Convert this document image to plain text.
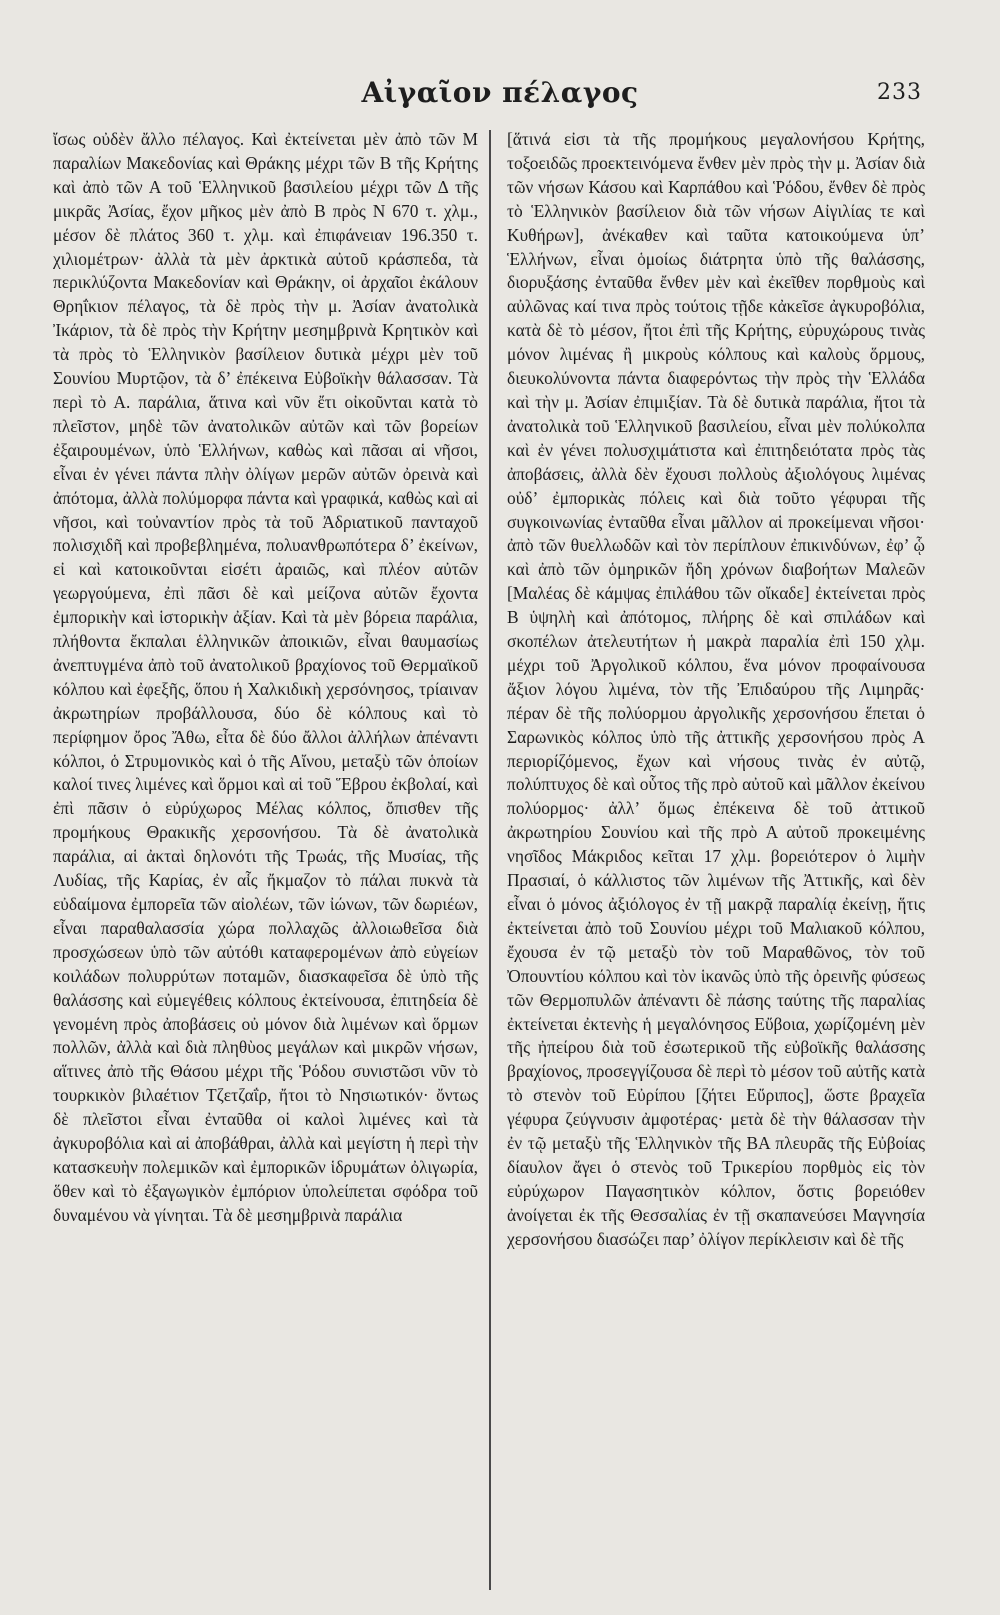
Αἰγαῖον πέλαγος	233

ἴσως οὐδὲν ἄλλο πέλαγος. Καὶ ἐκτείνεται μὲν ἀπὸ τῶν Μ παραλίων Μακεδονίας καὶ Θράκης μέχρι τῶν Β τῆς Κρήτης καὶ ἀπὸ τῶν Α τοῦ Ἑλληνικοῦ βασιλείου μέχρι τῶν Δ τῆς μικρᾶς Ἀσίας, ἔχον μῆκος μὲν ἀπὸ Β πρὸς Ν 670 τ. χλμ., μέσον δὲ πλάτος 360 τ. χλμ. καὶ ἐπιφάνειαν 196.350 τ. χιλιομέτρων· ἀλλὰ τὰ μὲν ἀρκτικὰ αὐτοῦ κράσπεδα, τὰ περικλύζοντα Μακεδονίαν καὶ Θράκην, οἱ ἀρχαῖοι ἐκάλουν Θρηΐκιον πέλαγος, τὰ δὲ πρὸς τὴν μ. Ἀσίαν ἀνατολικὰ Ἰκάριον, τὰ δὲ πρὸς τὴν Κρήτην μεσημβρινὰ Κρητικὸν καὶ τὰ πρὸς τὸ Ἑλληνικὸν βασίλειον δυτικὰ μέχρι μὲν τοῦ Σουνίου Μυρτῷον, τὰ δ’ ἐπέκεινα Εὐβοϊκὴν θάλασσαν. Τὰ περὶ τὸ Α. παράλια, ἅτινα καὶ νῦν ἔτι οἰκοῦνται κατὰ τὸ πλεῖστον, μηδὲ τῶν ἀνατολικῶν αὐτῶν καὶ τῶν βορείων ἐξαιρουμένων, ὑπὸ Ἑλλήνων, καθὼς καὶ πᾶσαι αἱ νῆσοι, εἶναι ἐν γένει πάντα πλὴν ὀλίγων μερῶν αὐτῶν ὀρεινὰ καὶ ἀπότομα, ἀλλὰ πολύμορφα πάντα καὶ γραφικά, καθὼς καὶ αἱ νῆσοι, καὶ τοὐναντίον πρὸς τὰ τοῦ Ἀδριατικοῦ πανταχοῦ πολισχιδῆ καὶ προβεβλημένα, πολυανθρωπότερα δ’ ἐκείνων, εἰ καὶ κατοικοῦνται εἰσέτι ἀραιῶς, καὶ πλέον αὐτῶν γεωργούμενα, ἐπὶ πᾶσι δὲ καὶ μείζονα αὐτῶν ἔχοντα ἐμπορικὴν καὶ ἱστορικὴν ἀξίαν. Καὶ τὰ μὲν βόρεια παράλια, πλήθοντα ἔκπαλαι ἑλληνικῶν ἀποικιῶν, εἶναι θαυμασίως ἀνεπτυγμένα ἀπὸ τοῦ ἀνατολικοῦ βραχίονος τοῦ Θερμαϊκοῦ κόλπου καὶ ἐφεξῆς, ὅπου ἡ Χαλκιδικὴ χερσόνησος, τρίαιναν ἀκρωτηρίων προβάλλουσα, δύο δὲ κόλπους καὶ τὸ περίφημον ὄρος Ἄθω, εἶτα δὲ δύο ἄλλοι ἀλλήλων ἀπέναντι κόλποι, ὁ Στρυμονικὸς καὶ ὁ τῆς Αἴνου, μεταξὺ τῶν ὁποίων καλοί τινες λιμένες καὶ ὅρμοι καὶ αἱ τοῦ Ἕβρου ἐκβολαί, καὶ ἐπὶ πᾶσιν ὁ εὐρύχωρος Μέλας κόλπος, ὄπισθεν τῆς προμήκους Θρακικῆς χερσονήσου. Τὰ δὲ ἀνατολικὰ παράλια, αἱ ἀκταὶ δηλονότι τῆς Τρωάς, τῆς Μυσίας, τῆς Λυδίας, τῆς Καρίας, ἐν αἷς ἤκμαζον τὸ πάλαι πυκνὰ τὰ εὐδαίμονα ἐμπορεῖα τῶν αἰολέων, τῶν ἰώνων, τῶν δωριέων, εἶναι παραθαλασσία χώρα πολλαχῶς ἀλλοιωθεῖσα διὰ προσχώσεων ὑπὸ τῶν αὐτόθι καταφερομένων ἀπὸ εὐγείων κοιλάδων πολυρρύτων ποταμῶν, διασκαφεῖσα δὲ ὑπὸ τῆς θαλάσσης καὶ εὐμεγέθεις κόλπους ἐκτείνουσα, ἐπιτηδεία δὲ γενομένη πρὸς ἀποβάσεις οὐ μόνον διὰ λιμένων καὶ ὅρμων πολλῶν, ἀλλὰ καὶ διὰ πληθὺος μεγάλων καὶ μικρῶν νήσων, αἵτινες ἀπὸ τῆς Θάσου μέχρι τῆς Ῥόδου συνιστῶσι νῦν τὸ τουρκικὸν βιλαέτιον Τζετζαΐρ, ἤτοι τὸ Νησιωτικόν· ὄντως δὲ πλεῖστοι εἶναι ἐνταῦθα οἱ καλοὶ λιμένες καὶ τὰ ἀγκυροβόλια καὶ αἱ ἀποβάθραι, ἀλλὰ καὶ μεγίστη ἡ περὶ τὴν κατασκευὴν πολεμικῶν καὶ ἐμπορικῶν ἱδρυμάτων ὀλιγωρία, ὅθεν καὶ τὸ ἐξαγωγικὸν ἐμπόριον ὑπολείπεται σφόδρα τοῦ δυναμένου νὰ γίνηται. Τὰ δὲ μεσημβρινὰ παράλια

[ἅτινά εἰσι τὰ τῆς προμήκους μεγαλονήσου Κρήτης, τοξοειδῶς προεκτεινόμενα ἔνθεν μὲν πρὸς τὴν μ. Ἀσίαν διὰ τῶν νήσων Κάσου καὶ Καρπάθου καὶ Ῥόδου, ἔνθεν δὲ πρὸς τὸ Ἑλληνικὸν βασίλειον διὰ τῶν νήσων Αἰγιλίας τε καὶ Κυθήρων], ἀνέκαθεν καὶ ταῦτα κατοικούμενα ὑπ’ Ἑλλήνων, εἶναι ὁμοίως διάτρητα ὑπὸ τῆς θαλάσσης, διορυξάσης ἐνταῦθα ἔνθεν μὲν καὶ ἐκεῖθεν πορθμοὺς καὶ αὐλῶνας καί τινα πρὸς τούτοις τῇδε κἀκεῖσε ἀγκυροβόλια, κατὰ δὲ τὸ μέσον, ἤτοι ἐπὶ τῆς Κρήτης, εὐρυχώρους τινὰς μόνον λιμένας ἢ μικροὺς κόλπους καὶ καλοὺς ὅρμους, διευκολύνοντα πάντα διαφερόντως τὴν πρὸς τὴν Ἑλλάδα καὶ τὴν μ. Ἀσίαν ἐπιμιξίαν. Τὰ δὲ δυτικὰ παράλια, ἤτοι τὰ ἀνατολικὰ τοῦ Ἑλληνικοῦ βασιλείου, εἶναι μὲν πολύκολπα καὶ ἐν γένει πολυσχιμάτιστα καὶ ἐπιτηδειότατα πρὸς τὰς ἀποβάσεις, ἀλλὰ δὲν ἔχουσι πολλοὺς ἀξιολόγους λιμένας οὐδ’ ἐμπορικὰς πόλεις καὶ διὰ τοῦτο γέφυραι τῆς συγκοινωνίας ἐνταῦθα εἶναι μᾶλλον αἱ προκείμεναι νῆσοι· ἀπὸ τῶν θυελλωδῶν καὶ τὸν περίπλουν ἐπικινδύνων, ἐφ’ ᾧ καὶ ἀπὸ τῶν ὁμηρικῶν ἤδη χρόνων διαβοήτων Μαλεῶν [Μαλέας δὲ κάμψας ἐπιλάθου τῶν οἴκαδε] ἐκτείνεται πρὸς Β ὑψηλὴ καὶ ἀπότομος, πλήρης δὲ καὶ σπιλάδων καὶ σκοπέλων ἀτελευτήτων ἡ μακρὰ παραλία ἐπὶ 150 χλμ. μέχρι τοῦ Ἀργολικοῦ κόλπου, ἕνα μόνον προφαίνουσα ἄξιον λόγου λιμένα, τὸν τῆς Ἐπιδαύρου τῆς Λιμηρᾶς· πέραν δὲ τῆς πολύορμου ἀργολικῆς χερσονήσου ἕπεται ὁ Σαρωνικὸς κόλπος ὑπὸ τῆς ἀττικῆς χερσονήσου πρὸς Α περιορίζόμενος, ἔχων καὶ νήσους τινὰς ἐν αὐτῷ, πολύπτυχος δὲ καὶ οὗτος τῆς πρὸ αὐτοῦ καὶ μᾶλλον ἐκείνου πολύορμος· ἀλλ’ ὅμως ἐπέκεινα δὲ τοῦ ἀττικοῦ ἀκρωτηρίου Σουνίου καὶ τῆς πρὸ Α αὐτοῦ προκειμένης νησῖδος Μάκριδος κεῖται 17 χλμ. βορειότερον ὁ λιμὴν Πρασιαί, ὁ κάλλιστος τῶν λιμένων τῆς Ἀττικῆς, καὶ δὲν εἶναι ὁ μόνος ἀξιόλογος ἐν τῇ μακρᾷ παραλίᾳ ἐκείνῃ, ἥτις ἐκτείνεται ἀπὸ τοῦ Σουνίου μέχρι τοῦ Μαλιακοῦ κόλπου, ἔχουσα ἐν τῷ μεταξὺ τὸν τοῦ Μαραθῶνος, τὸν τοῦ Ὀπουντίου κόλπου καὶ τὸν ἱκανῶς ὑπὸ τῆς ὀρεινῆς φύσεως τῶν Θερμοπυλῶν ἀπέναντι δὲ πάσης ταύτης τῆς παραλίας ἐκτείνεται ἐκτενὴς ἡ μεγαλόνησος Εὔβοια, χωρίζομένη μὲν τῆς ἠπείρου διὰ τοῦ ἐσωτερικοῦ τῆς εὐβοϊκῆς θαλάσσης βραχίονος, προσεγγίζουσα δὲ περὶ τὸ μέσον τοῦ αὐτῆς κατὰ τὸ στενὸν τοῦ Εὐρίπου [ζήτει Εὔριπος], ὥστε βραχεῖα γέφυρα ζεύγνυσιν ἀμφοτέρας· μετὰ δὲ τὴν θάλασσαν τὴν ἐν τῷ μεταξὺ τῆς Ἑλληνικὸν τῆς ΒΑ πλευρᾶς τῆς Εὐβοίας δίαυλον ἄγει ὁ στενὸς τοῦ Τρικερίου πορθμὸς εἰς τὸν εὐρύχωρον Παγασητικὸν κόλπον, ὅστις βορειόθεν ἀνοίγεται ἐκ τῆς Θεσσαλίας ἐν τῇ σκαπανεύσει Μαγνησία χερσονήσου διασώζει παρ’ ὀλίγον περίκλεισιν καὶ δὲ τῆς
